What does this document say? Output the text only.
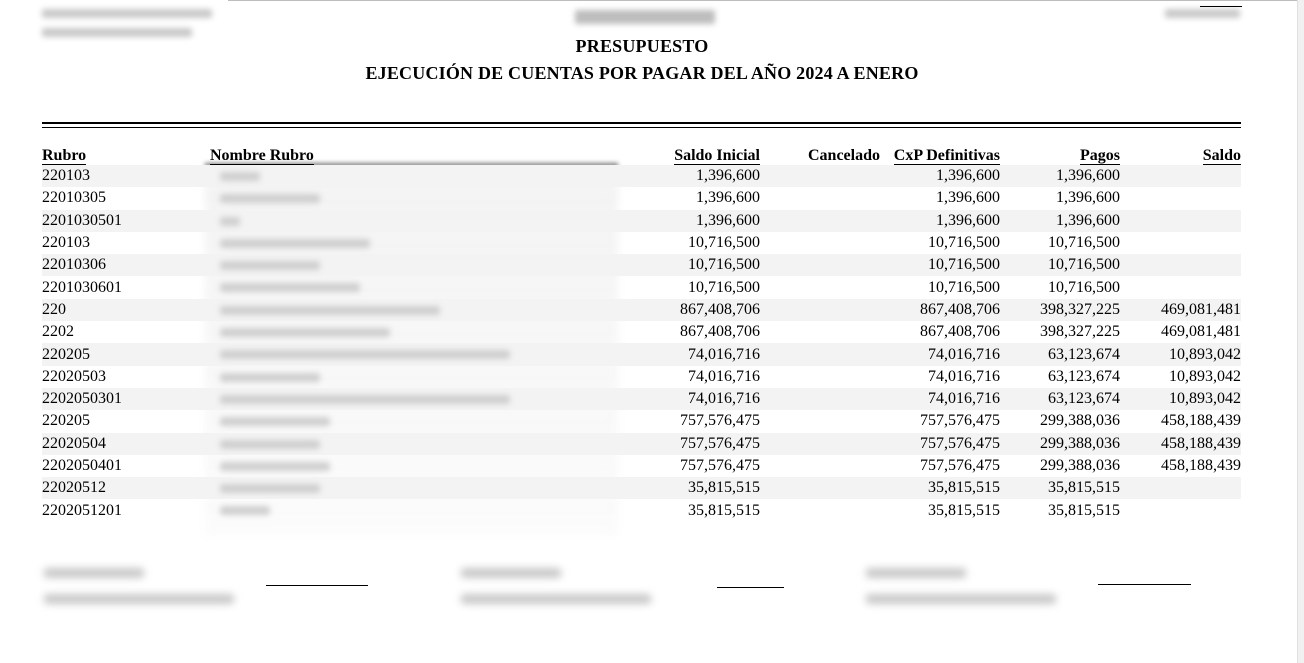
PRESUPUESTO
EJECUCIÓN DE CUENTAS POR PAGAR DEL AÑO 2024 A ENERO
Rubro	Nombre Rubro	Saldo Inicial	Cancelado	CxP Definitivas	Pagos	Saldo
220103		1,396,600		1,396,600	1,396,600	
22010305		1,396,600		1,396,600	1,396,600	
2201030501		1,396,600		1,396,600	1,396,600	
220103		10,716,500		10,716,500	10,716,500	
22010306		10,716,500		10,716,500	10,716,500	
2201030601		10,716,500		10,716,500	10,716,500	
220		867,408,706		867,408,706	398,327,225	469,081,481
2202		867,408,706		867,408,706	398,327,225	469,081,481
220205		74,016,716		74,016,716	63,123,674	10,893,042
22020503		74,016,716		74,016,716	63,123,674	10,893,042
2202050301		74,016,716		74,016,716	63,123,674	10,893,042
220205		757,576,475		757,576,475	299,388,036	458,188,439
22020504		757,576,475		757,576,475	299,388,036	458,188,439
2202050401		757,576,475		757,576,475	299,388,036	458,188,439
22020512		35,815,515		35,815,515	35,815,515	
2202051201		35,815,515		35,815,515	35,815,515	
